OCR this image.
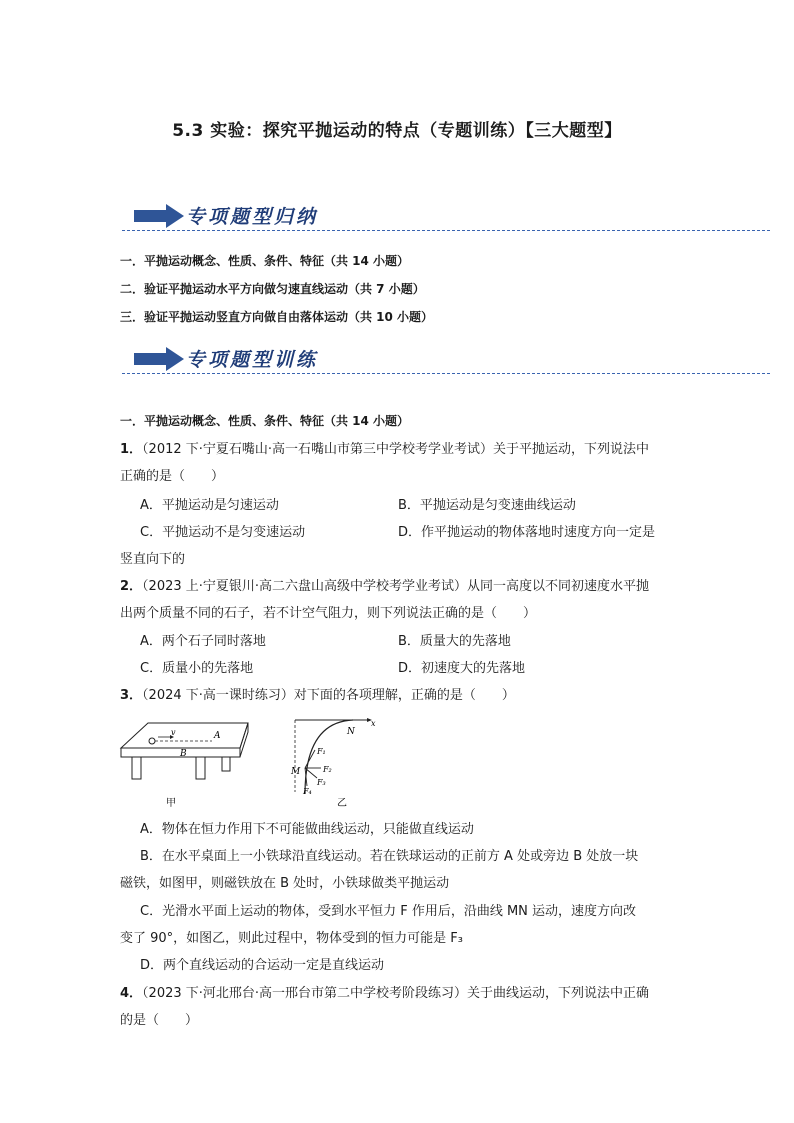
5.3 实验：探究平抛运动的特点（专题训练）【三大题型】
专项题型归纳
一．平抛运动概念、性质、条件、特征（共 14 小题）
二．验证平抛运动水平方向做匀速直线运动（共 7 小题）
三．验证平抛运动竖直方向做自由落体运动（共 10 小题）
专项题型训练
一．平抛运动概念、性质、条件、特征（共 14 小题）
1．（2012 下·宁夏石嘴山·高一石嘴山市第三中学校考学业考试）关于平抛运动，下列说法中
正确的是（　　）
A．平抛运动是匀速运动	B．平抛运动是匀变速曲线运动
C．平抛运动不是匀变速运动	D．作平抛运动的物体落地时速度方向一定是
竖直向下的
2．（2023 上·宁夏银川·高二六盘山高级中学校考学业考试）从同一高度以不同初速度水平抛
出两个质量不同的石子，若不计空气阻力，则下列说法正确的是（　　）
A．两个石子同时落地	B．质量大的先落地
C．质量小的先落地	D．初速度大的先落地
3．（2024 下·高一课时练习）对下面的各项理解，正确的是（　　）
v	A
B
甲
x
N
M
F₁
F₂
F₃
F₄
乙
A．物体在恒力作用下不可能做曲线运动，只能做直线运动
B．在水平桌面上一小铁球沿直线运动。若在铁球运动的正前方 A 处或旁边 B 处放一块
磁铁，如图甲，则磁铁放在 B 处时，小铁球做类平抛运动
C．光滑水平面上运动的物体，受到水平恒力 F 作用后，沿曲线 MN 运动，速度方向改
变了 90°，如图乙，则此过程中，物体受到的恒力可能是 F₃
D．两个直线运动的合运动一定是直线运动
4．（2023 下·河北邢台·高一邢台市第二中学校考阶段练习）关于曲线运动，下列说法中正确
的是（　　）
